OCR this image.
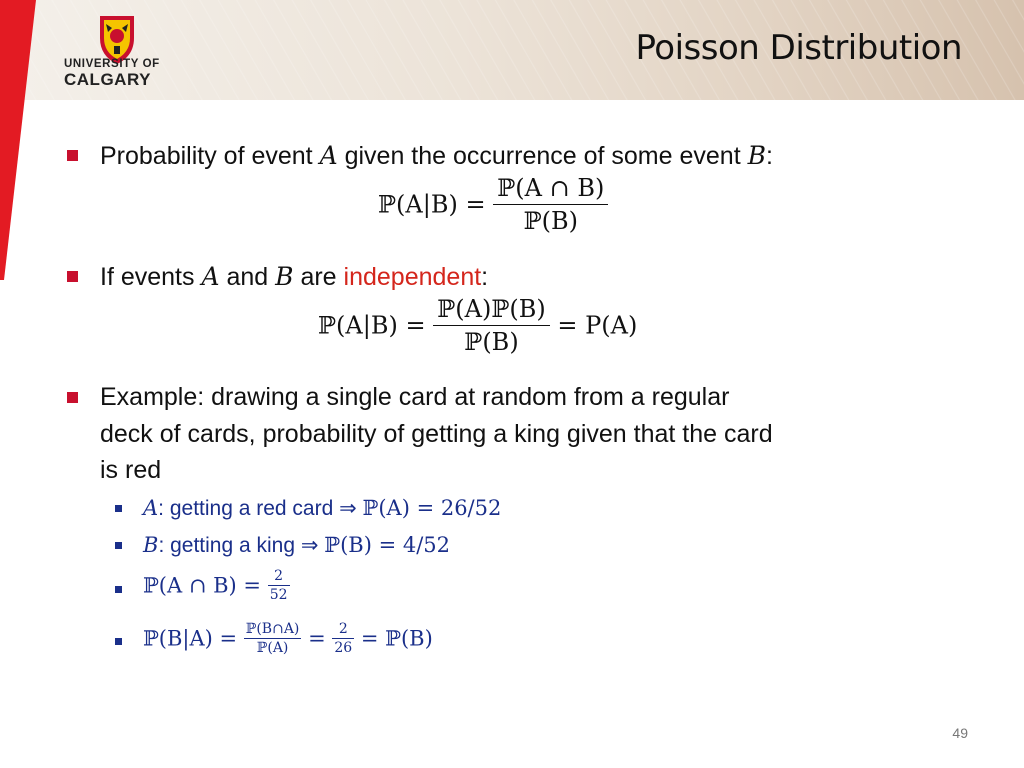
UNIVERSITY OF
CALGARY
Poisson Distribution
Probability of event A given the occurrence of some event B:
ℙ(A|B) = $\frac{\text{ℙ(A ∩ B)}}{\text{ℙ(B)}}$
If events A and B are independent:
ℙ(A|B) = $\frac{\text{ℙ(A)ℙ(B)}}{\text{ℙ(B)}} = P(A)$
Example: drawing a single card at random from a regular
deck of cards, probability of getting a king given that the card
is red
A: getting a red card ⇒ ℙ(A) = 26/52
B: getting a king ⇒ ℙ(B) = 4/52
ℙ(A ∩ $B) = \frac{2}{52}$
ℙ(B|A) = $\frac{\text{ℙ(B∩A)}}{\text{ℙ(A)}} = \frac{2}{26}$ = ℙ(B)
49
